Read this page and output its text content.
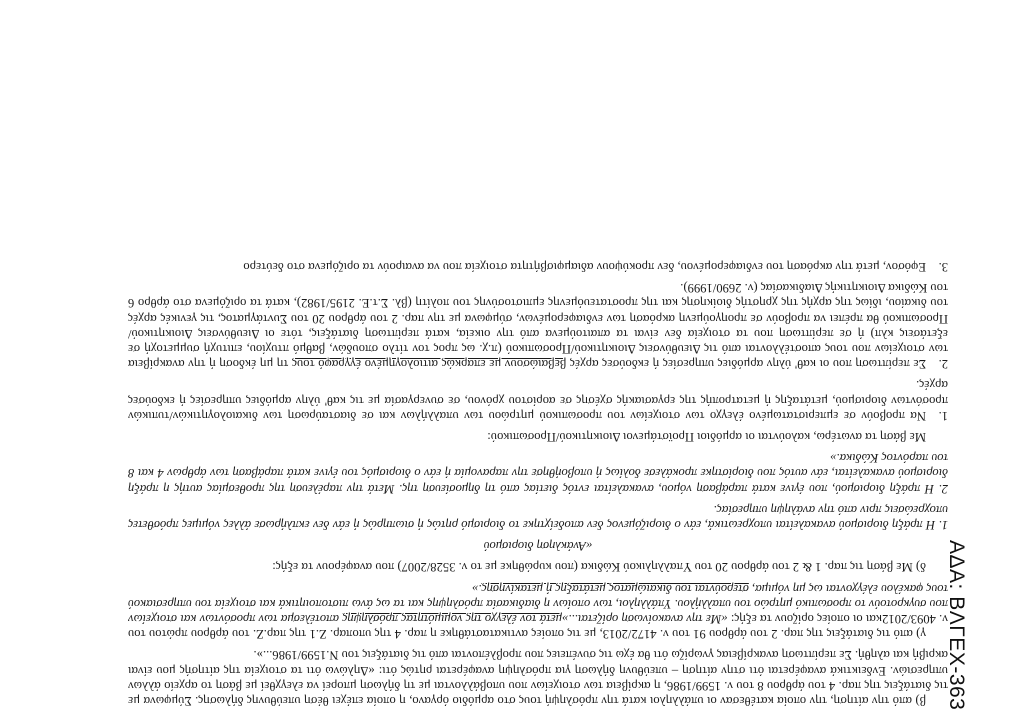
ΑΔΑ: ΒΛΓΕΧ-363

β) από την αίτηση, την οποία κατέθεσαν οι υπάλληλοι κατά την πρόσληψή τους στο αρμόδιο όργανο, η οποία επέχει θέση υπεύθυνης δήλωσης. Σύμφωνα με τις διατάξεις της παρ. 4 του άρθρου 8 του ν. 1599/1986, η ακρίβεια των στοιχείων που υποβάλλονται με τη δήλωση μπορεί να ελεγχθεί με βάση το αρχείο άλλων υπηρεσιών. Ενδεικτικά αναφέρεται ότι στην αίτηση – υπεύθυνη δήλωση για πρόσληψη αναφέρεται ρητώς ότι: «Δηλώνω ότι τα στοιχεία της αίτησής μου είναι ακριβή και αληθή. Σε περίπτωση ανακρίβειας γνωρίζω ότι θα έχω τις συνέπειες που προβλέπονται από τις διατάξεις του Ν.1599/1986...».

γ) από τις διατάξεις της παρ. 2 του άρθρου 91 του ν. 4172/2013, με τις οποίες αντικαταστάθηκε η παρ. 4 της υποπαρ. Ζ.1 της παρ.Ζ. του άρθρου πρώτου του ν. 4093/2012και οι οποίες ορίζουν τα εξής: «Με την ανακοίνωση ορίζεται...»μετά τον έλεγχο της νομιμότητας πρόσληψης αποτέλεσμα των προσόντων και στοιχείων που συγκροτούν το προσωπικό μητρώο του υπαλλήλου. Υπάλληλοι, των οποίων η διαδικασία πρόσληψης και τα ως άνω πιστοποιητικά και στοιχεία του υπηρεσιακού τους φακέλου ελέγχονται ως μη νόμιμα, στερούνται του δικαιώματος μετάταξης ή μετακίνησης.»

δ) Με βάση τις παρ. 1 & 2 του άρθρου 20 του Υπαλληλικού Κώδικα (που κυρώθηκε με το ν. 3528/2007) που αναφέρουν τα εξής:

«Ανάκληση διορισμού

1. Η πράξη διορισμού ανακαλείται υποχρεωτικά, εάν ο διοριζόμενος δεν αποδείχτηκε το διορισμό ρητώς ή σιωπηρώς ή εάν δεν εκπλήρωσε άλλες νόμιμες πρόσθετες υποχρεώσεις πριν από την ανάληψη υπηρεσίας.

2. Η πράξη διορισμού, που έγινε κατά παράβαση νόμου, ανακαλείται εντός διετίας από τη δημοσίευση της. Μετά την παρέλευση της προθεσμίας αυτής η πράξη διορισμού ανακαλείται, εάν αυτός που διορίστηκε προκάλεσε δολίως ή υποβοήθησε την παρανομία ή εάν ο διορισμός του έγινε κατά παράβαση των άρθρων 4 και 8 του παρόντος Κώδικα.»

Με βάση τα ανωτέρω, καλούνται οι αρμόδιοι Προϊστάμενοι Διοικητικού/Προσωπικού:

1.Να προβούν σε εμπεριστατωμένο έλεγχο των στοιχείων του προσωπικού μητρώου των υπαλλήλων και σε διασταύρωση των δικαιολογητικών/τυπικών προσόντων διορισμού, μετάταξης ή μετατροπής της εργασιακής σχέσης σε αορίστου χρόνου, σε συνεργασία με τις καθ' ύλην αρμόδιες υπηρεσίες ή εκδούσες αρχές.

2.Σε περίπτωση που οι καθ' ύλην αρμόδιες υπηρεσίες ή εκδούσες αρχές βεβαιώσουν με επαρκώς αιτιολογημένο έγγραφό τους τη μη έκδοση ή την ανακρίβεια των στοιχείων που τους αποστέλλονται από τις Διευθύνσεις Διοικητικού/Προσωπικού (π.χ. ως προς τον τίτλο σπουδών, βαθμό πτυχίου, επιτυχή συμμετοχή σε εξετάσεις κλπ) ή σε περίπτωση που τα στοιχεία δεν είναι τα απαιτούμενα από την οικεία, κατά περίπτωση διατάξεις, τότε οι Διευθύνσεις Διοικητικού/Προσωπικού θα πρέπει να προβούν σε προηγούμενη ακρόαση των ενδιαφερομένων, σύμφωνα με την παρ. 2 του άρθρου 20 του Συντάγματος, τις γενικές αρχές του δικαίου, ιδίως της αρχής της χρηστής διοίκησης και της προστατευόμενης εμπιστοσύνης του πολίτη (βλ. Σ.τ.Ε. 2195/1982), κατά τα οριζόμενα στο άρθρο 6 του Κώδικα Διοικητικής Διαδικασίας (ν. 2690/1999).

3.Εφόσον, μετά την ακρόαση του ενδιαφερομένου, δεν προκύψουν αδιαμφισβήτητα στοιχεία που να αναιρούν τα οριζόμενα στο δεύτερο
